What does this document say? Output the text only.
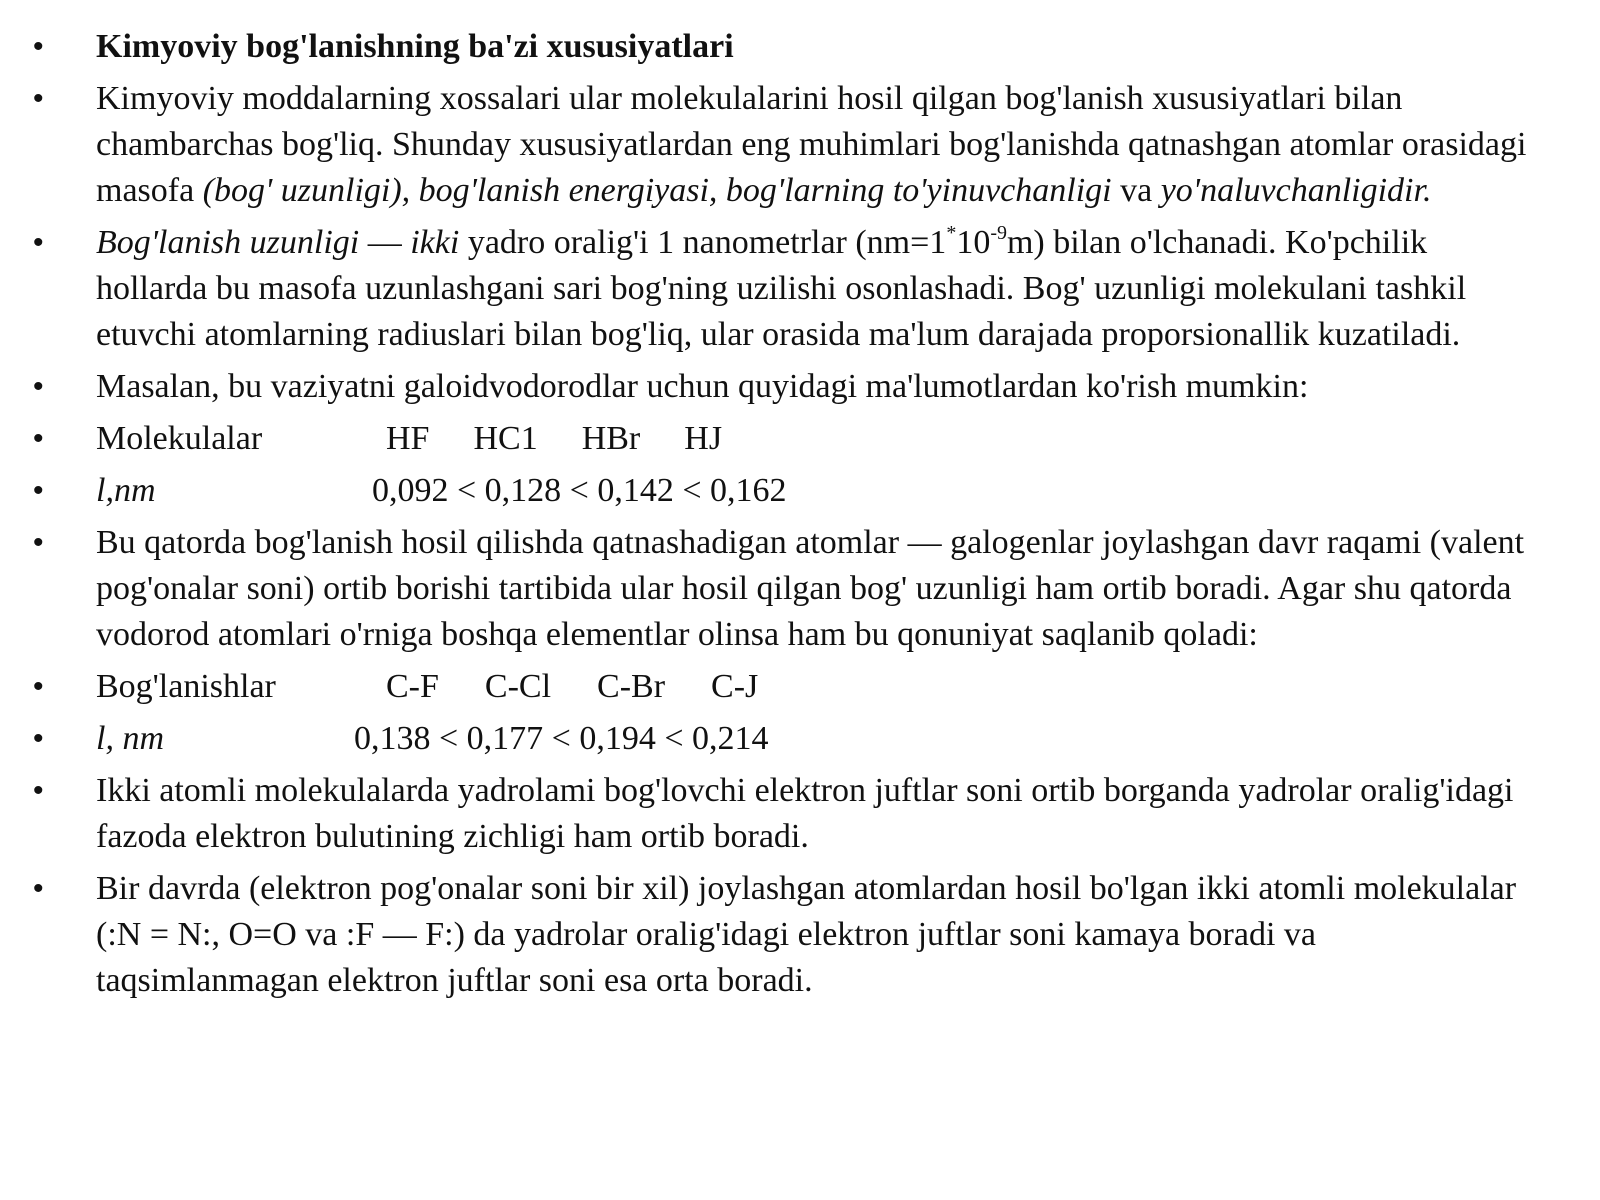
• Kimyoviy bog'lanishning ba'zi xususiyatlari
• Kimyoviy moddalarning xossalari ular molekulalarini hosil qilgan bog'lanish xususiyatlari bilan chambarchas bog'liq. Shunday xususiyatlardan eng muhimlari bog'lanishda qatnashgan atomlar orasidagi masofa (bog' uzunligi), bog'lanish energiyasi, bog'larning to'yinuvchanligi va yo'naluvchanligidir.
• Bog'lanish uzunligi — ikki yadro oralig'i 1 nanometrlar $(nm=1^*10^{-9}m)$ bilan o'lchanadi. Ko'pchilik hollarda bu masofa uzunlashgani sari bog'ning uzilishi osonlashadi. Bog' uzunligi molekulani tashkil etuvchi atomlarning radiuslari bilan bog'liq, ular orasida ma'lum darajada proporsionallik kuzatiladi.
• Masalan, bu vaziyatni galoidvodorodlar uchun quyidagi ma'lumotlardan ko'rish mumkin:
• Molekulalar	HF HC1 HBr HJ
• l,nm	0,092 < 0,128 < 0,142 < 0,162
• Bu qatorda bog'lanish hosil qilishda qatnashadigan atomlar — galogenlar joylashgan davr raqami (valent pog'onalar soni) ortib borishi tartibida ular hosil qilgan bog' uzunligi ham ortib boradi. Agar shu qatorda vodorod atomlari o'rniga boshqa elementlar olinsa ham bu qonuniyat saqlanib qoladi:
• Bog'lanishlar	C-F C-Cl C-Br C-J
• l, nm	0,138 < 0,177 < 0,194 < 0,214
• Ikki atomli molekulalarda yadrolami bog'lovchi elektron juftlar soni ortib borganda yadrolar oralig'idagi fazoda elektron bulutining zichligi ham ortib boradi.
• Bir davrda (elektron pog'onalar soni bir xil) joylashgan atomlardan hosil bo'lgan ikki atomli molekulalar (:N = N:, O=O va :F — F:) da yadrolar oralig'idagi elektron juftlar soni kamaya boradi va taqsimlanmagan elektron juftlar soni esa orta boradi.
